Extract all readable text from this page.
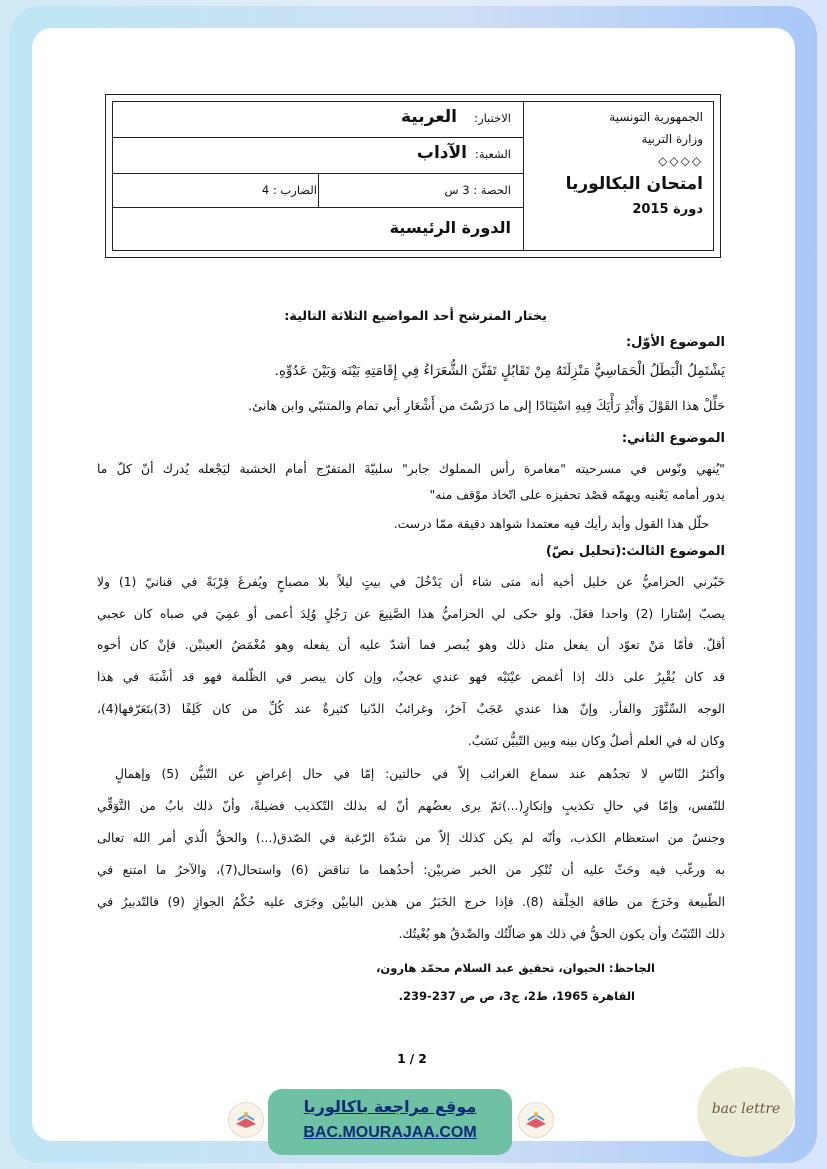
الجمهورية التونسية
وزارة التربية
◇◇◇◇
امتحان البكالوريا
دورة 2015
الاختبار:
العربية
الشعبة:
الآداب
الحصة : 3 س
الضارب : 4
الدورة الرئيسية
يختار المترشح أحد المواضيع الثلاثة التالية:
الموضوع الأوّل:
يَشْتَمِلُ الْبَطَلُ الْحَمَاسِيُّ مَنْزِلَتَهُ مِنْ تَقَابُلٍ تَفَنَّنَ الشُّعَرَاءُ فِي إِقَامَتِهِ بَيْنَه وَبَيْنَ عَدُوِّهِ.
حَلِّلْ هذا القَوْلَ وَأَبْدِ رَأْيَكَ فِيهِ اسْتِنَادًا إلى ما دَرَسْتَ من أَشْعَارِ أبي تمام والمتنبّي وابن هانئ.
الموضوع الثاني:
"يُنهي ونّوس في مسرحيته "مغامرة رأس المملوك جابر" سلبيّةَ المتفرّج أمام الخشبة ليَجْعله يُدرك أنّ كلّ ما
يدور أمامه يَعْنيه ويهمّه قصْد تحفيزه على اتّخاذ موْقف منه"
حلّل هذا القول وأبد رأيك فيه معتمدا شواهد دقيقة ممّا درست.
الموضوع الثالث:(تحليل نصّ)
خَبّرني الحزاميُّ عن خليل أخيه أنه متى شاء أن يَدْخُلَ في بيتٍ ليلاً بلا مصباحٍ ويُفرغَ قِرْبَةً في قنانيّ (1) ولا
يصبّ إسْتارا (2) واحدا فعَلَ. ولو حكى لي الحزاميُّ هذا الصَّنِيعَ عن رَجُلٍ وُلِدَ أعمى أو عمِيَ في صباه كان عجبي
أقلّ. فأمّا مَنْ تعوّد أن يفعل مثل ذلك وهو يُبصر فما أشدّ عليه أن يفعله وهو مُغْمَضُ العينيْن. فإنْ كان أخوه
قد كان يُقْبِرُ على ذلك إذا أغمض عيْنَيْه فهو عندي عجبٌ، وإن كان يبصر في الظّلمة فهو قد أشْبَهَ في هذا
الوجه السِّنَّوْرَ والفأر. وإنّ هذا عندي عَجَبٌ آخرُ، وغرائبُ الدّنيا كثيرةٌ عند كُلِّ من كان كَلِفًا (3)بتَعَرّفها(4)،
وكان له في العلم أصلٌ وكان بينه وبين التّبيُّن نَسَبٌ.
وأكثرُ النّاسِ لا تجدُهم عند سماع الغرائب إلاّ في حالتين: إمّا في حال إعراضٍ عن التّبيُّن (5) وإهمالٍ
للنّفس، وإمّا في حالِ تكذيبٍ وإنكارٍ(...)ثمّ يرى بعضُهم أنّ له بذلك التّكذيب فضيلةً، وأنّ ذلك بابٌ من التَّوَقِّي
وجنسٌ من استعظام الكذب، وأنّه لم يكن كذلك إلاّ من شدّة الرّغبة في الصّدق(...) والحقُّ الّذي أمر الله تعالى
به ورغّب فيه وحَثّ عليه أن تُنْكِر من الخبر ضربيْن: أحدُهما ما تناقض (6) واستحال(7)، والآخرُ ما امتنع في
الطّبيعة وخَرَجَ من طاقة الخِلْقة (8). فإذا خرج الخَبَرُ من هذين البابيْن وجَرَى عليه حُكْمُ الجوازِ (9) فالتّدبيرُ في
ذلك التّثبّتُ وأن يكون الحقُّ في ذلك هو ضالّتُك والصِّدقُ هو بُغْيتُك.
الجاحظ: الحيوان، تحقيق عبد السلام محمّد هارون،
القاهرة 1965، ط2، ج3، ص ص 237-239.
1 / 2
موقع مراجعة باكالوريا
BAC.MOURAJAA.COM
bac lettre
